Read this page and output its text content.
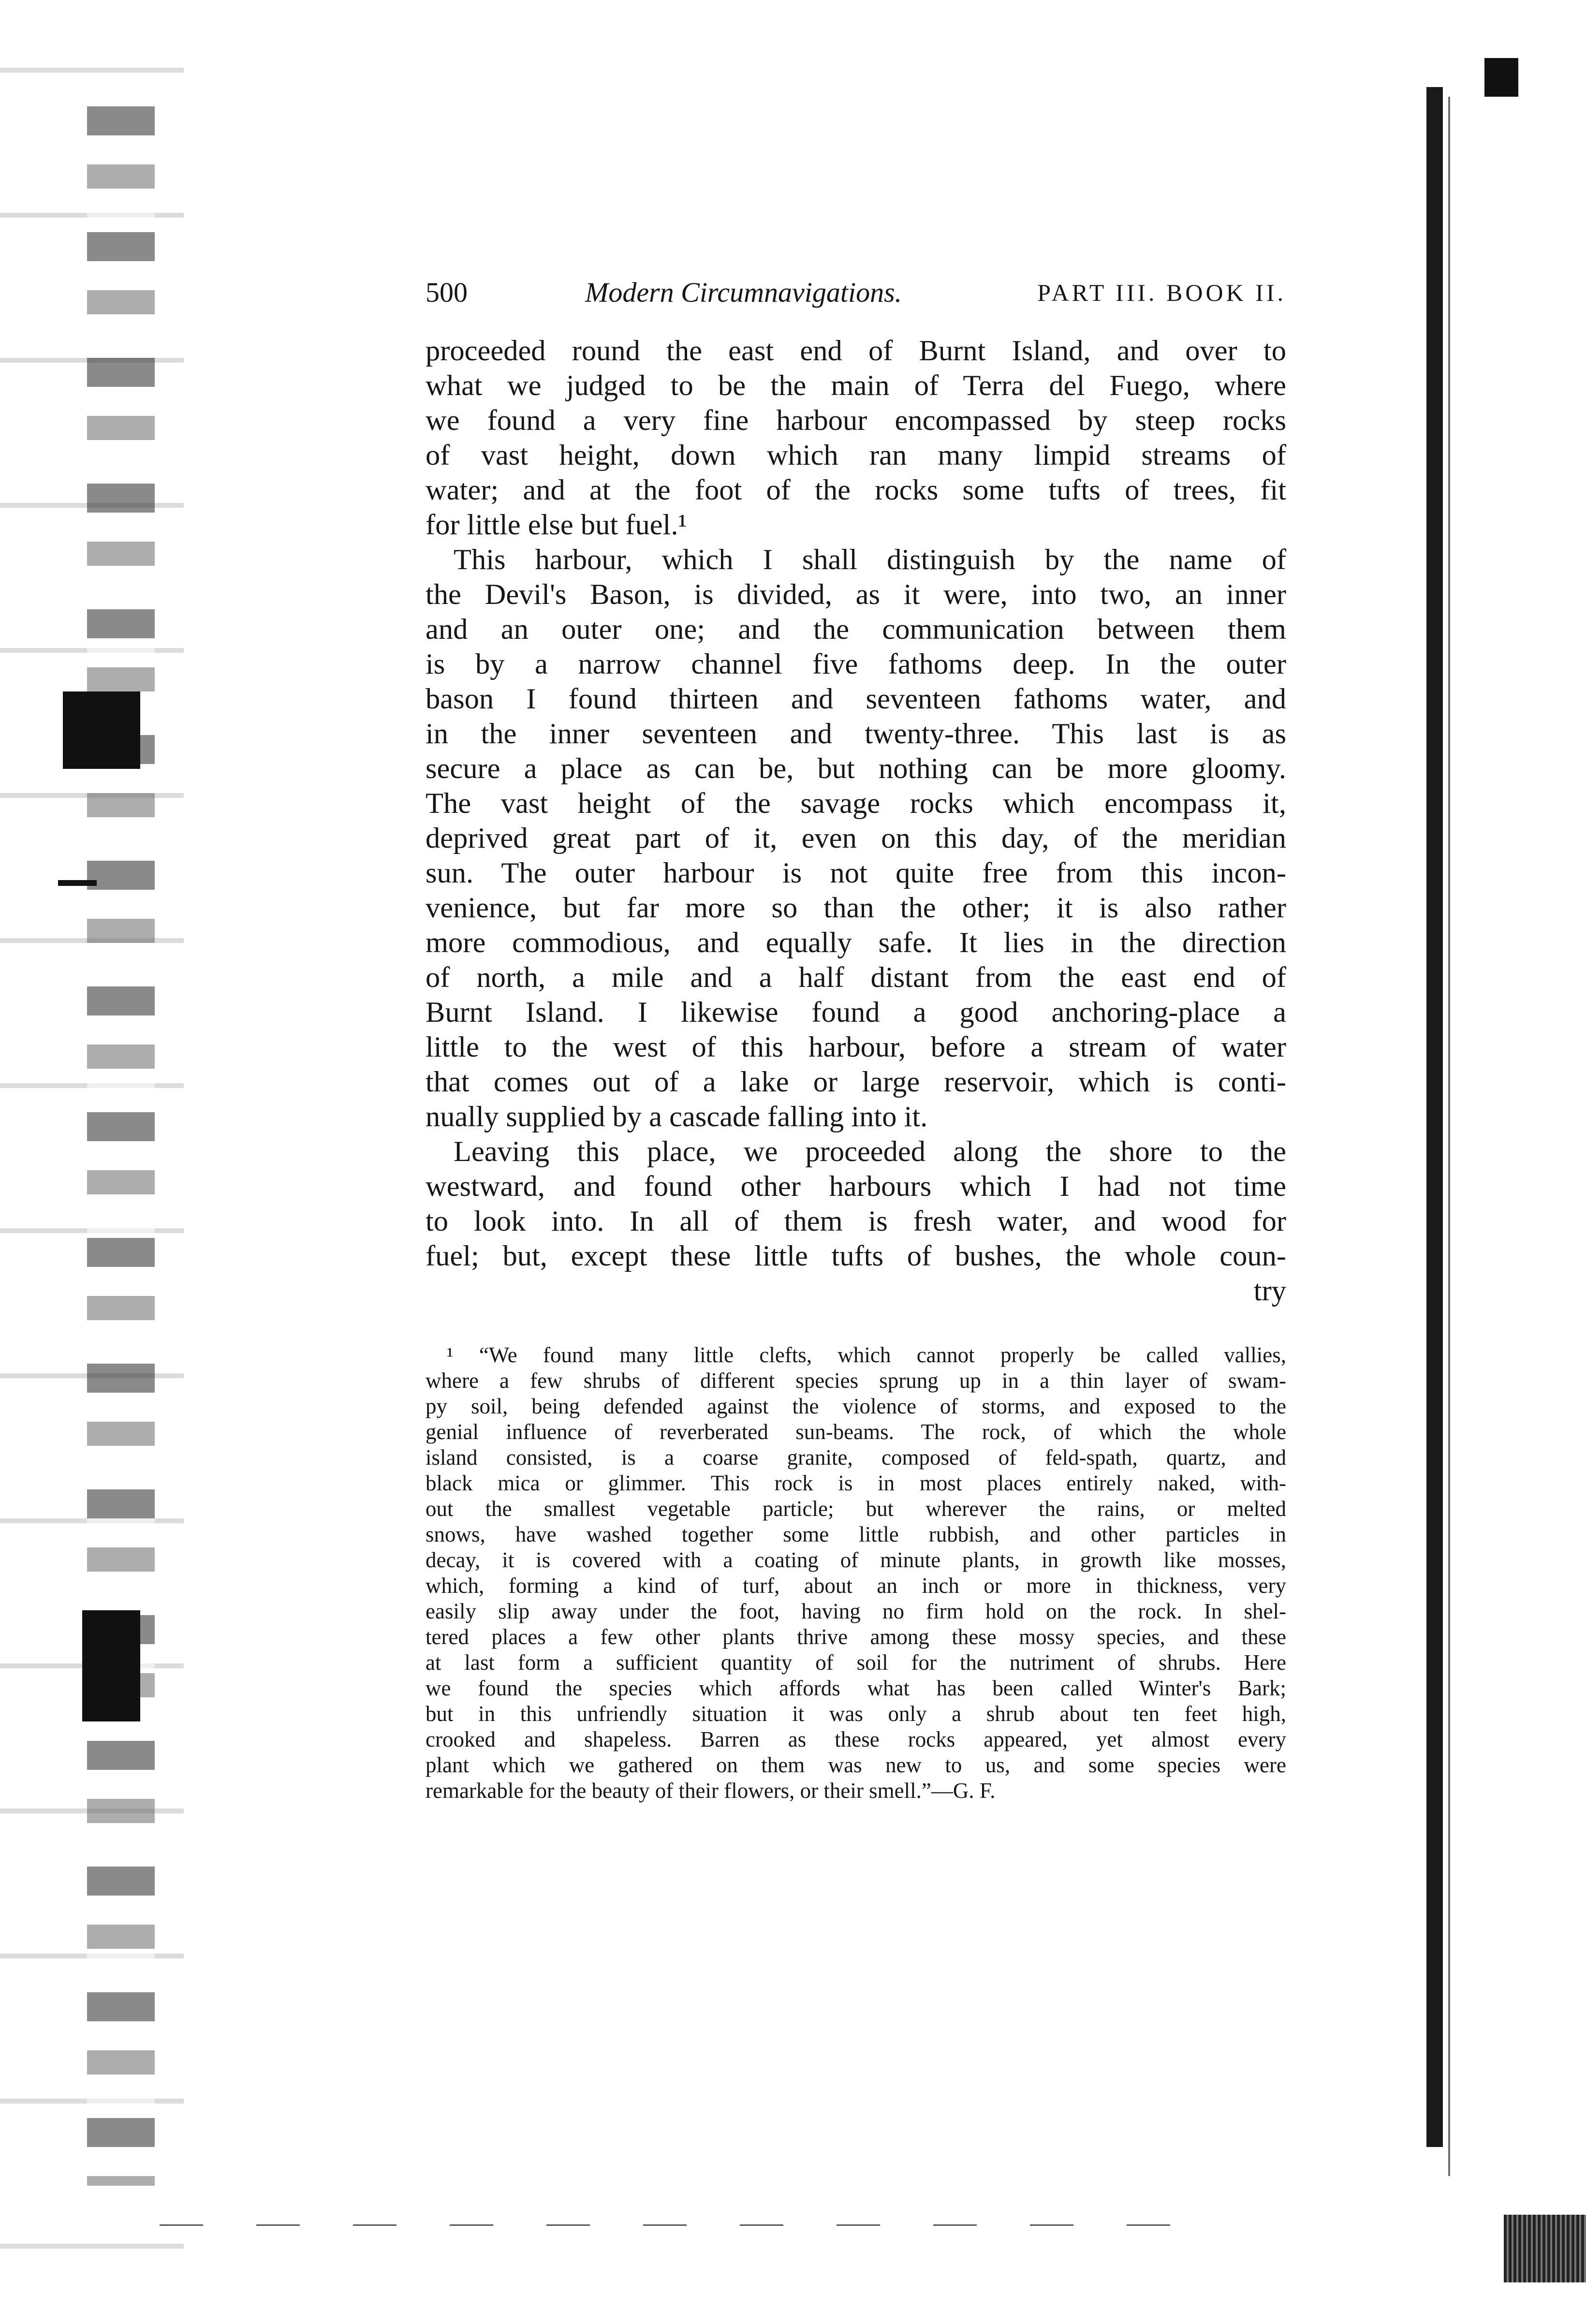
500	Modern Circumnavigations.	PART III. BOOK II.
proceeded round the east end of Burnt Island, and over to
what we judged to be the main of Terra del Fuego, where
we found a very fine harbour encompassed by steep rocks
of vast height, down which ran many limpid streams of
water; and at the foot of the rocks some tufts of trees, fit
for little else but fuel.¹
This harbour, which I shall distinguish by the name of
the Devil's Bason, is divided, as it were, into two, an inner
and an outer one; and the communication between them
is by a narrow channel five fathoms deep. In the outer
bason I found thirteen and seventeen fathoms water, and
in the inner seventeen and twenty-three. This last is as
secure a place as can be, but nothing can be more gloomy.
The vast height of the savage rocks which encompass it,
deprived great part of it, even on this day, of the meridian
sun. The outer harbour is not quite free from this incon-
venience, but far more so than the other; it is also rather
more commodious, and equally safe. It lies in the direction
of north, a mile and a half distant from the east end of
Burnt Island. I likewise found a good anchoring-place a
little to the west of this harbour, before a stream of water
that comes out of a lake or large reservoir, which is conti-
nually supplied by a cascade falling into it.
Leaving this place, we proceeded along the shore to the
westward, and found other harbours which I had not time
to look into. In all of them is fresh water, and wood for
fuel; but, except these little tufts of bushes, the whole coun-
try
¹ “We found many little clefts, which cannot properly be called vallies,
where a few shrubs of different species sprung up in a thin layer of swam-
py soil, being defended against the violence of storms, and exposed to the
genial influence of reverberated sun-beams. The rock, of which the whole
island consisted, is a coarse granite, composed of feld-spath, quartz, and
black mica or glimmer. This rock is in most places entirely naked, with-
out the smallest vegetable particle; but wherever the rains, or melted
snows, have washed together some little rubbish, and other particles in
decay, it is covered with a coating of minute plants, in growth like mosses,
which, forming a kind of turf, about an inch or more in thickness, very
easily slip away under the foot, having no firm hold on the rock. In shel-
tered places a few other plants thrive among these mossy species, and these
at last form a sufficient quantity of soil for the nutriment of shrubs. Here
we found the species which affords what has been called Winter's Bark;
but in this unfriendly situation it was only a shrub about ten feet high,
crooked and shapeless. Barren as these rocks appeared, yet almost every
plant which we gathered on them was new to us, and some species were
remarkable for the beauty of their flowers, or their smell.”—G. F.
